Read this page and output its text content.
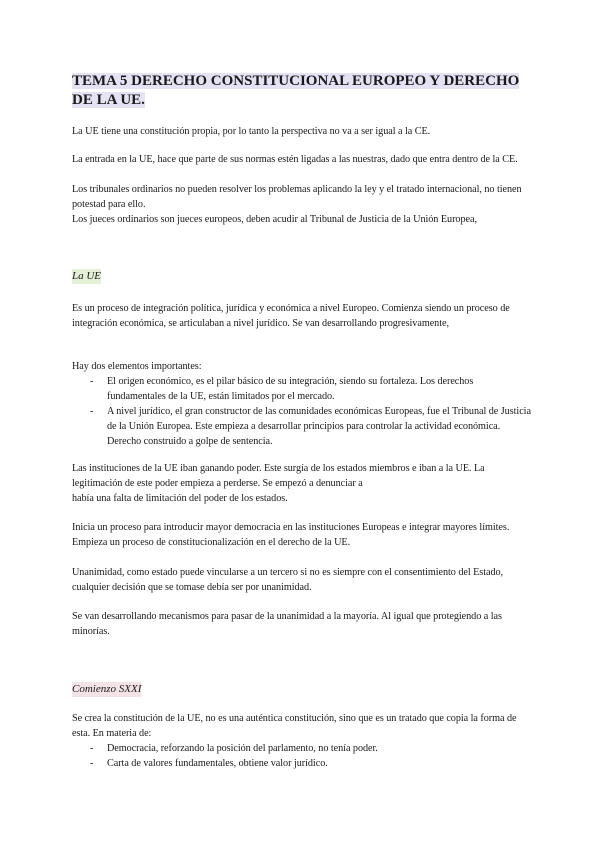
TEMA 5 DERECHO CONSTITUCIONAL EUROPEO Y DERECHO DE LA UE.

La UE tiene una constitución propia, por lo tanto la perspectiva no va a ser igual a la CE.

La entrada en la UE, hace que parte de sus normas estén ligadas a las nuestras, dado que entra dentro de la CE.

Los tribunales ordinarios no pueden resolver los problemas aplicando la ley y el tratado internacional, no tienen potestad para ello.

Los jueces ordinarios son jueces europeos, deben acudir al Tribunal de Justicia de la Unión Europea,

La UE

Es un proceso de integración política, jurídica y económica a nivel Europeo. Comienza siendo un proceso de integración económica, se articulaban a nivel jurídico. Se van desarrollando progresivamente,

Hay dos elementos importantes:

- El origen económico, es el pilar básico de su integración, siendo su fortaleza. Los derechos fundamentales de la UE, están limitados por el mercado.
- A nivel jurídico, el gran constructor de las comunidades económicas Europeas, fue el Tribunal de Justicia de la Unión Europea. Este empieza a desarrollar principios para controlar la actividad económica. Derecho construido a golpe de sentencia.

Las instituciones de la UE iban ganando poder. Este surgía de los estados miembros e iban a la UE. La legitimación de este poder empieza a perderse. Se empezó a denunciar a

había una falta de limitación del poder de los estados.

Inicia un proceso para introducir mayor democracia en las instituciones Europeas e integrar mayores límites. Empieza un proceso de constitucionalización en el derecho de la UE.

Unanimidad, como estado puede vincularse a un tercero si no es siempre con el consentimiento del Estado, cualquier decisión que se tomase debía ser por unanimidad.

Se van desarrollando mecanismos para pasar de la unanimidad a la mayoría. Al igual que protegiendo a las minorías.

Comienzo SXXI

Se crea la constitución de la UE, no es una auténtica constitución, sino que es un tratado que copia la forma de esta. En materia de:

- Democracia, reforzando la posición del parlamento, no tenía poder.
- Carta de valores fundamentales, obtiene valor jurídico.
